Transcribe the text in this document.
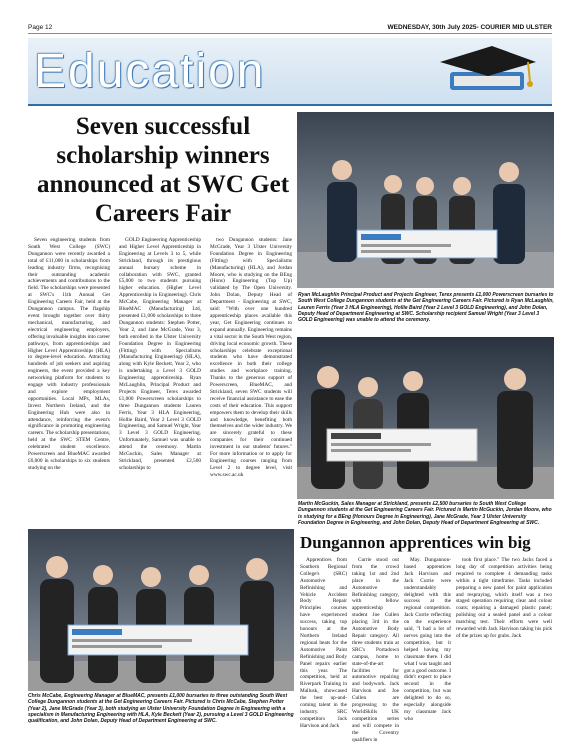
Page 12	WEDNESDAY, 30th July 2025- COURIER MID ULSTER
Education
Seven successful scholarship winners announced at SWC Get Careers Fair

Seven engineering students from South West College (SWC) Dungannon were recently awarded a total of £11,000 in scholarships from leading industry firms, recognising their outstanding academic achievements and contributions to the field. The scholarships were presented at SWC's 11th Annual Get Engineering Careers Fair, held at the Dungannon campus. The flagship event brought together over thirty mechanical, manufacturing, and electrical engineering employers, offering invaluable insights into career pathways, from apprenticeships and Higher Level Apprenticeships (HLA) to degree-level education. Attracting hundreds of job seekers and aspiring engineers, the event provided a key networking platform for students to engage with industry professionals and explore employment opportunities. Local MPs, MLAs, Invest Northern Ireland, and the Engineering Hub were also in attendance, reinforcing the event's significance in promoting engineering careers. The scholarship presentations, held at the SWC STEM Centre, celebrated student excellence. Powerscreen and BlueMAC awarded £6,000 in scholarships to six students studying on the

GOLD Engineering Apprenticeship and Higher Level Apprenticeship in Engineering at Levels 3 to 5, while Strickland, through its prestigious annual bursary scheme in collaboration with SWC, granted £5,000 to two students pursuing higher education. (Higher Level Apprenticeship in Engineering). Chris McCabe, Engineering Manager at BlueMAC (Manufacturing) Ltd, presented £1,000 scholarships to three Dungannon students: Stephen Potter, Year 2, and Jane McGrade, Year 3, both enrolled in the Ulster University Foundation Degree in Engineering (Fitting) with Specialisms (Manufacturing Engineering) (HLA), along with Kyle Beckett, Year 2, who is undertaking a Level 3 GOLD Engineering apprenticeship. Ryan McLaughlin, Principal Product and Projects Engineer, Terex awarded £1,000 Powerscreen scholarships to three Dungannon students Lauren Ferris, Year 3 HLA Engineering, Hollie Baird, Year 2 Level 3 GOLD Engineering, and Samuel Wright, Year 3 Level 3 GOLD Engineering. Unfortunately, Samuel was unable to attend the ceremony. Martin McGuckin, Sales Manager at Strickland, presented £2,500 scholarships to

two Dungannon students: Jane McGrade, Year 3 Ulster University Foundation Degree in Engineering (Fitting) with Specialisms (Manufacturing) (HLA), and Jordan Moore, who is studying on the BEng (Hons) Engineering (Top Up) validated by The Open University. John Dolan, Deputy Head of Department - Engineering at SWC, said: "With over one hundred apprenticeship places available this year, Get Engineering continues to expand annually. Engineering remains a vital sector in the South West region, driving local economic growth. These scholarships celebrate exceptional students who have demonstrated excellence in both their college studies and workplace training. Thanks to the generous support of Powerscreen, BlueMAC, and Strickland, seven SWC students will receive financial assistance to ease the costs of their education. This support empowers them to develop their skills and knowledge, benefiting both themselves and the wider industry. We are sincerely grateful to these companies for their continued investment in our students' futures." For more information or to apply for Engineering courses ranging from Level 2 to degree level, visit www.swc.ac.uk

Ryan McLaughlin Principal Product and Projects Engineer, Terex presents £1,000 Powerscreen bursaries to South West College Dungannon students at the Get Engineering Careers Fair. Pictured is Ryan McLaughlin, Lauren Ferris (Year 3 HLA Engineering), Hollie Baird (Year 2 Level 3 GOLD Engineering), and John Dolan, Deputy Head of Department Engineering at SWC. Scholarship recipient Samuel Wright (Year 3 Level 3 GOLD Engineering) was unable to attend the ceremony.
Martin McGuckin, Sales Manager at Strickland, presents £2,500 bursaries to South West College Dungannon students at the Get Engineering Careers Fair. Pictured is Martin McGuckin, Jordan Moore, who is studying for a BEng (Honours Degree in Engineering), Jane McGrade, Year 3 Ulster University Foundation Degree in Engineering, and John Dolan, Deputy Head of Department Engineering at SWC.
Chris McCabe, Engineering Manager at BlueMAC, presents £1,000 bursaries to three outstanding South West College Dungannon students at the Get Engineering Careers Fair. Pictured is Chris McCabe, Stephen Potter (Year 2), Jane McGrade (Year 3), both studying an Ulster University Foundation Degree in Engineering with a specialism in Manufacturing Engineering with HLA, Kyle Beckett (Year 2), pursuing a Level 3 GOLD Engineering qualification, and John Dolan, Deputy Head of Department Engineering at SWC.
Dungannon apprentices win big

Apprentices from Southern Regional College's (SRC) Automotive Refinishing and Vehicle Accident Body Repair Principles courses have experienced success, taking top honours at the Northern Ireland regional heats for the Automotive Paint Refinishing and Body Panel repairs earlier this year. The competition, held at Riverpark Training in Mallusk, showcased the best up-and-coming talent in the industry. SRC competitors Jack Harvison and Jack

Currie stood out from the crowd taking 1st and 2nd place in the Automotive Refinishing category, with fellow apprenticeship student Joe Cullen placing 3rd in the Automotive Body Repair category. All three students train at SRC's Portadown campus, home to state-of-the-art facilities for automotive repairing and bodywork. Jack Harvison and Joe Cullen are progressing to the WorldSkills UK competition series and will compete in the Coventry qualifiers in

May. Dungannon-based apprentices Jack Harvison and Jack Currie were understandably delighted with this success at the regional competition. Jack Currie reflecting on the experience said, "I had a lot of nerves going into the competition, but it helped having my classmate there. I did what I was taught and got a good outcome. I didn't expect to place second in the competition, but was delighted to do so, especially alongside my classmate Jack who

took first place." The two Jacks faced a long day of competition activities being required to complete 4 demanding tasks within a tight timeframe. Tasks included preparing a new panel for paint application and respraying, which itself was a two staged operation requiring clear and colour coats; repairing a damaged plastic panel; polishing out a sealed panel and a colour matching test. Their efforts were well rewarded with Jack Harvison taking his pick of the prizes up for grabs. Jack
